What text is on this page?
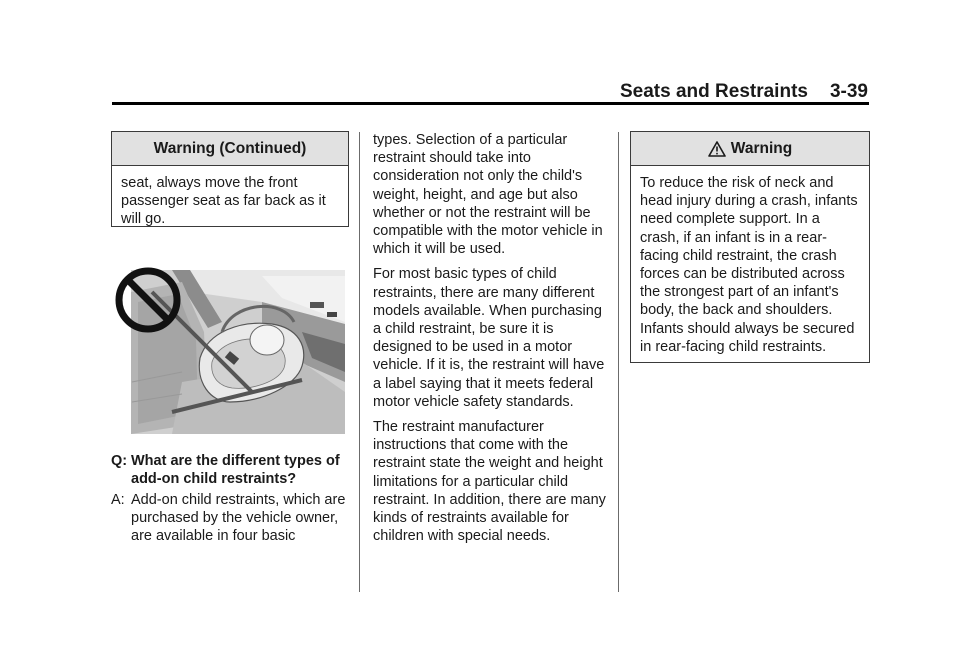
Seats and Restraints 3-39
Warning (Continued)
seat, always move the front passenger seat as far back as it will go.
Q: What are the different types of add-on child restraints?
A: Add-on child restraints, which are purchased by the vehicle owner, are available in four basic

types. Selection of a particular restraint should take into consideration not only the child's weight, height, and age but also whether or not the restraint will be compatible with the motor vehicle in which it will be used.

For most basic types of child restraints, there are many different models available. When purchasing a child restraint, be sure it is designed to be used in a motor vehicle. If it is, the restraint will have a label saying that it meets federal motor vehicle safety standards.

The restraint manufacturer instructions that come with the restraint state the weight and height limitations for a particular child restraint. In addition, there are many kinds of restraints available for children with special needs.

Warning
To reduce the risk of neck and head injury during a crash, infants need complete support. In a crash, if an infant is in a rear-facing child restraint, the crash forces can be distributed across the strongest part of an infant's body, the back and shoulders. Infants should always be secured in rear-facing child restraints.
